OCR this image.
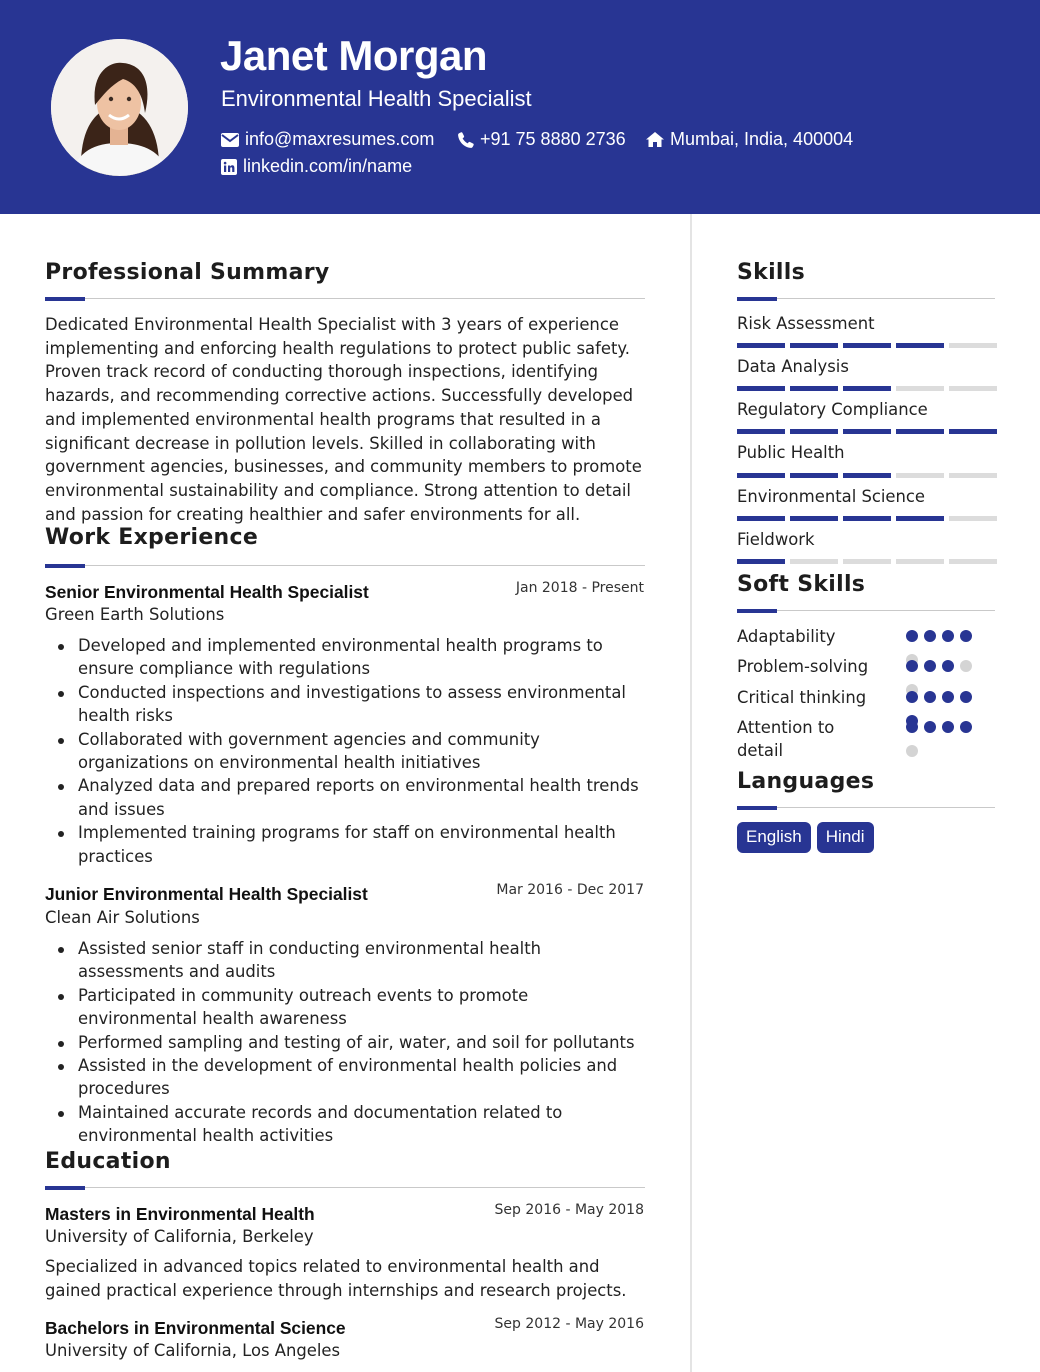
Janet Morgan
Environmental Health Specialist
info@maxresumes.com	+91 75 8880 2736 Mumbai, India, 400004
linkedin.com/in/name
Professional Summary
Dedicated Environmental Health Specialist with 3 years of experience implementing and enforcing health regulations to protect public safety. Proven track record of conducting thorough inspections, identifying hazards, and recommending corrective actions. Successfully developed and implemented environmental health programs that resulted in a significant decrease in pollution levels. Skilled in collaborating with government agencies, businesses, and community members to promote environmental sustainability and compliance. Strong attention to detail and passion for creating healthier and safer environments for all.
Work Experience
Senior Environmental Health Specialist	Jan 2018 - Present
Green Earth Solutions
Developed and implemented environmental health programs to ensure compliance with regulations
Conducted inspections and investigations to assess environmental health risks
Collaborated with government agencies and community organizations on environmental health initiatives
Analyzed data and prepared reports on environmental health trends and issues
Implemented training programs for staff on environmental health practices
Junior Environmental Health Specialist	Mar 2016 - Dec 2017
Clean Air Solutions
Assisted senior staff in conducting environmental health assessments and audits
Participated in community outreach events to promote environmental health awareness
Performed sampling and testing of air, water, and soil for pollutants
Assisted in the development of environmental health policies and procedures
Maintained accurate records and documentation related to environmental health activities
Education
Masters in Environmental Health	Sep 2016 - May 2018
University of California, Berkeley
Specialized in advanced topics related to environmental health and gained practical experience through internships and research projects.
Bachelors in Environmental Science	Sep 2012 - May 2016
University of California, Los Angeles
Skills
Risk Assessment
Data Analysis
Regulatory Compliance
Public Health
Environmental Science
Fieldwork
Soft Skills
Adaptability
Problem-solving
Critical thinking
Attention to detail
Languages
English	Hindi
